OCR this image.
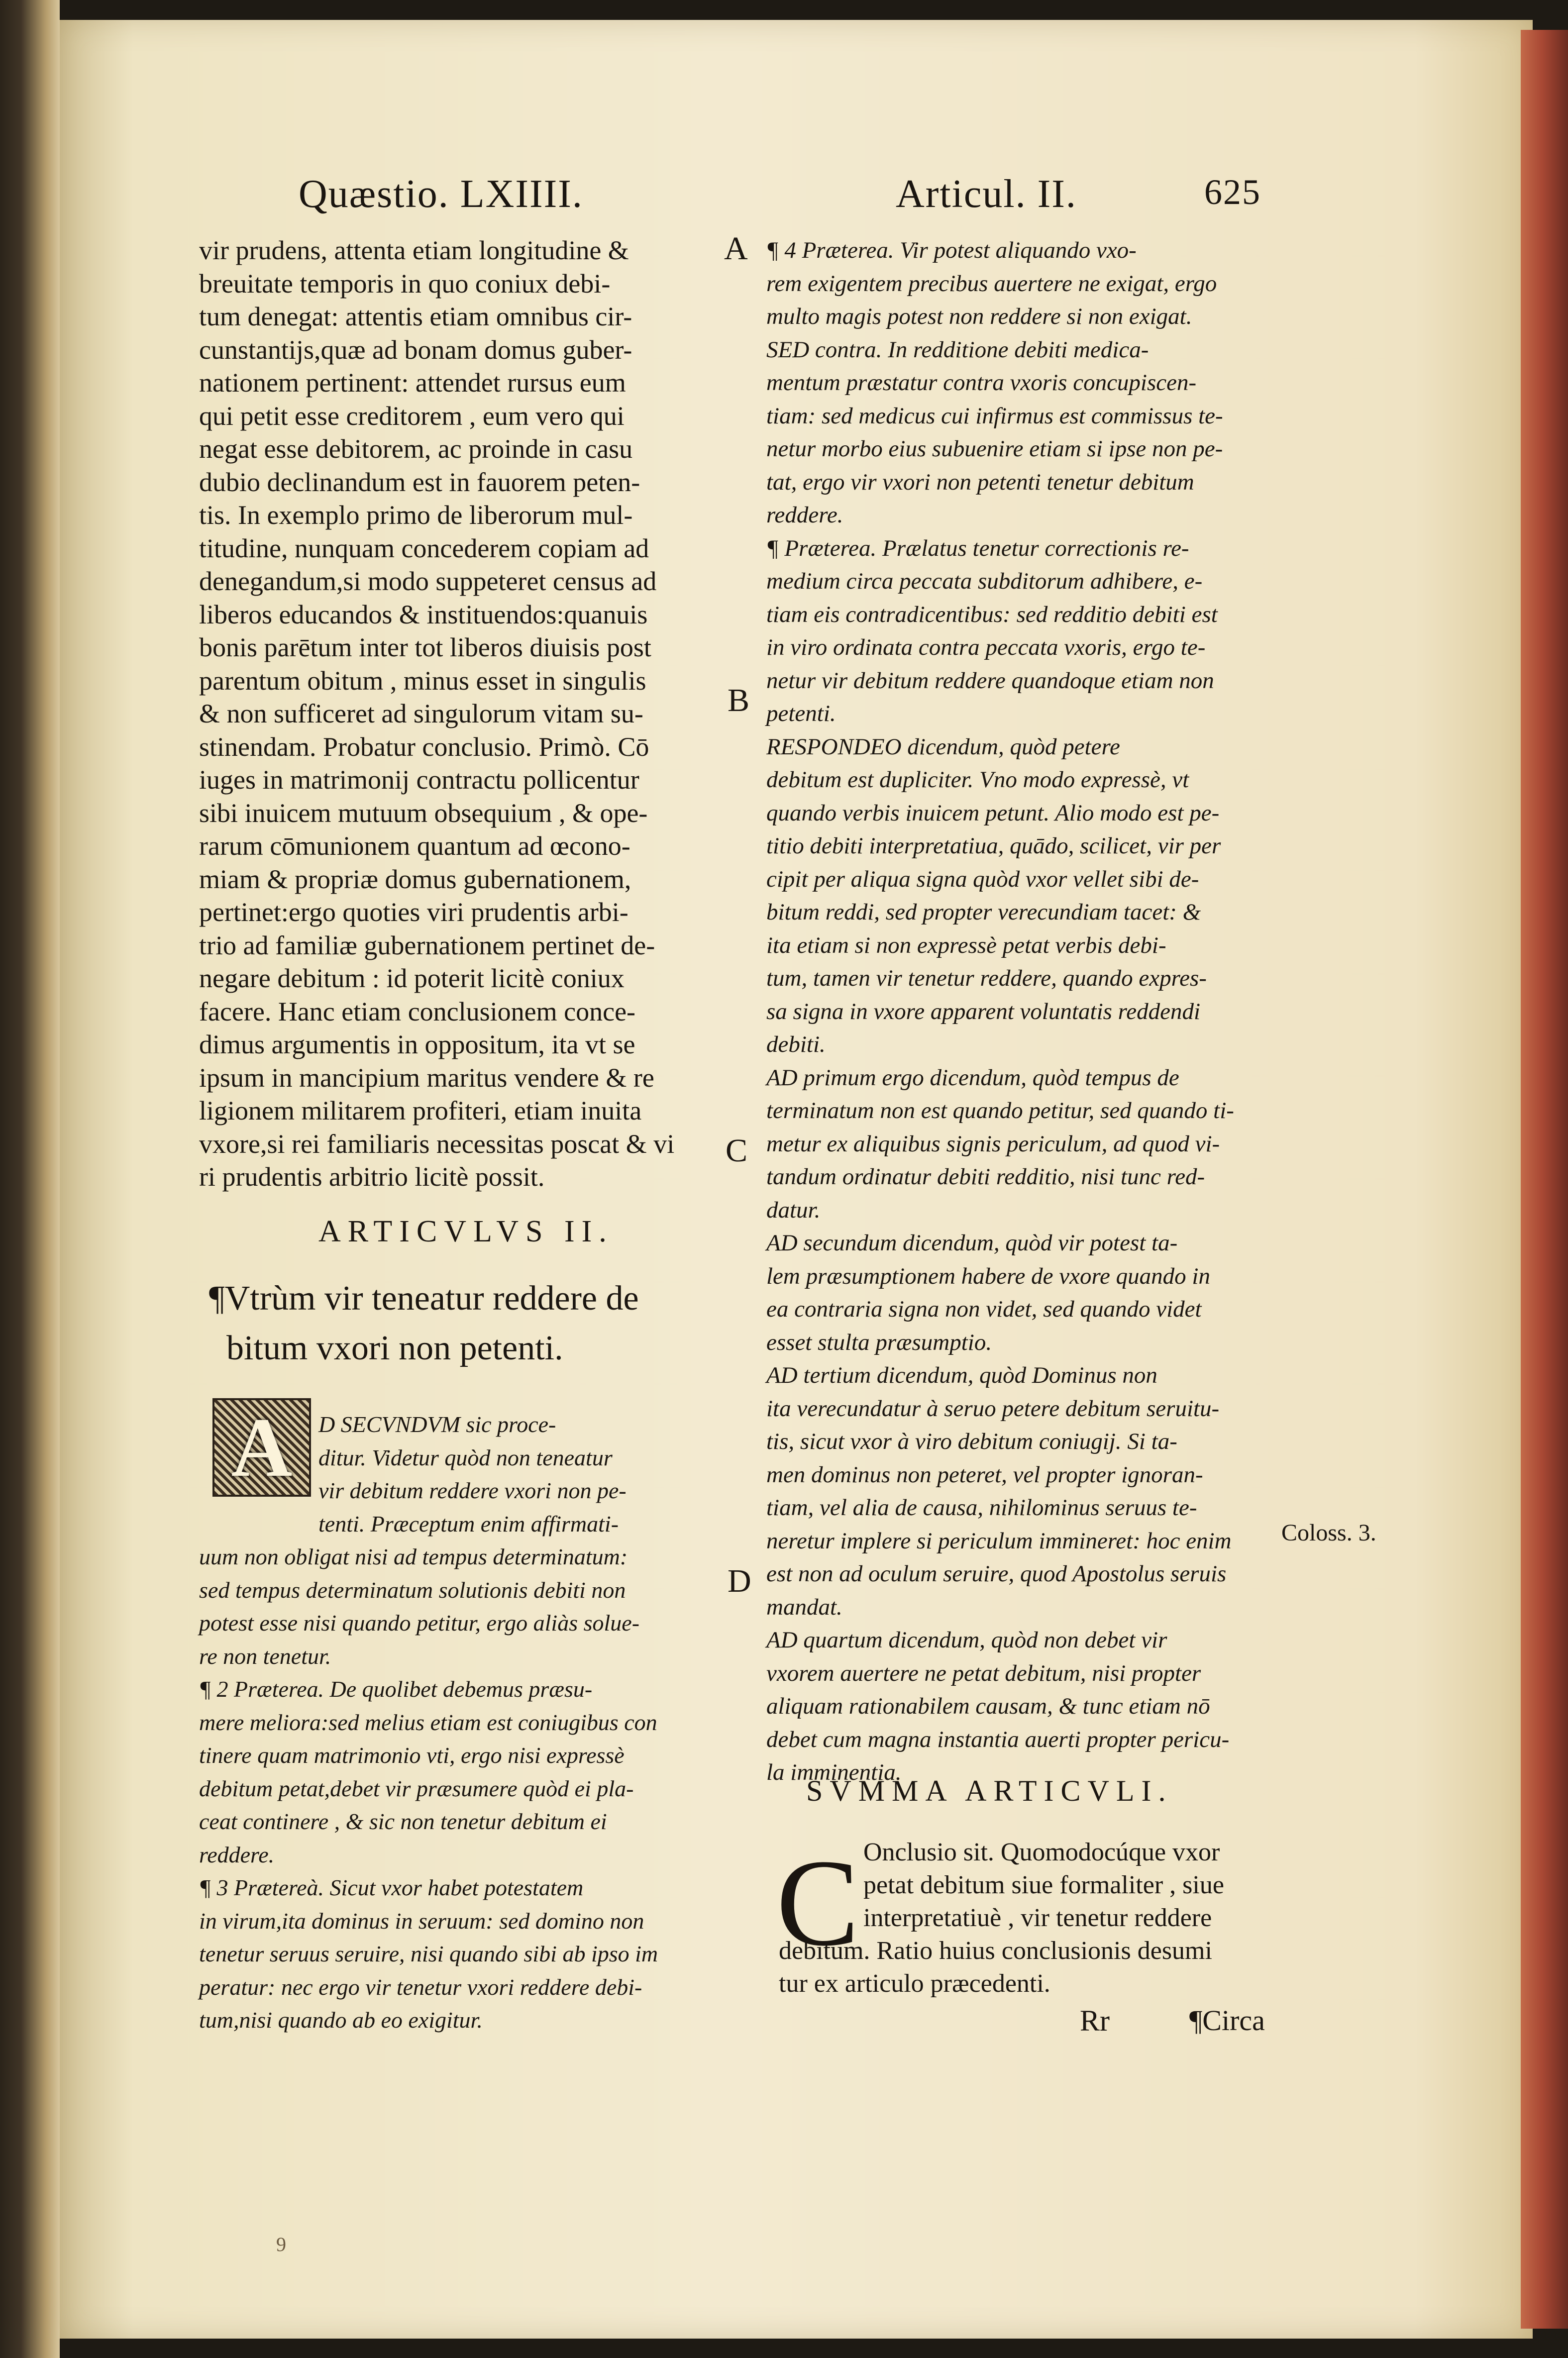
Quæstio. LXIIII.	Articul. II.	625
vir prudens, attenta etiam longitudine &
breuitate temporis in quo coniux debi-
tum denegat: attentis etiam omnibus cir-
cunstantijs,quæ ad bonam domus guber-
nationem pertinent: attendet rursus eum
qui petit esse creditorem , eum vero qui
negat esse debitorem, ac proinde in casu
dubio declinandum est in fauorem peten-
tis. In exemplo primo de liberorum mul-
titudine, nunquam concederem copiam ad
denegandum,si modo suppeteret census ad
liberos educandos & instituendos:quanuis
bonis parētum inter tot liberos diuisis post
parentum obitum , minus esset in singulis
& non sufficeret ad singulorum vitam su-
stinendam. Probatur conclusio. Primò. Cō
iuges in matrimonij contractu pollicentur
sibi inuicem mutuum obsequium , & ope-
rarum cōmunionem quantum ad œcono-
miam & propriæ domus gubernationem,
pertinet:ergo quoties viri prudentis arbi-
trio ad familiæ gubernationem pertinet de-
negare debitum : id poterit licitè coniux
facere. Hanc etiam conclusionem conce-
dimus argumentis in oppositum, ita vt se
ipsum in mancipium maritus vendere & re
ligionem militarem profiteri, etiam inuita
vxore,si rei familiaris necessitas poscat & vi
ri prudentis arbitrio licitè possit.
ARTICVLVS II.
¶Vtrùm vir teneatur reddere de
bitum vxori non petenti.
A	D SECVNDVM sic proce-
ditur. Videtur quòd non teneatur
vir debitum reddere vxori non pe-
tenti. Præceptum enim affirmati-
uum non obligat nisi ad tempus determinatum:
sed tempus determinatum solutionis debiti non
potest esse nisi quando petitur, ergo aliàs solue-
re non tenetur.
¶ 2 Præterea. De quolibet debemus præsu-
mere meliora:sed melius etiam est coniugibus con
tinere quam matrimonio vti, ergo nisi expressè
debitum petat,debet vir præsumere quòd ei pla-
ceat continere , & sic non tenetur debitum ei
reddere.
¶ 3 Prætereà. Sicut vxor habet potestatem
in virum,ita dominus in seruum: sed domino non
tenetur seruus seruire, nisi quando sibi ab ipso im
peratur: nec ergo vir tenetur vxori reddere debi-
tum,nisi quando ab eo exigitur.
¶ 4 Præterea. Vir potest aliquando vxo-
rem exigentem precibus auertere ne exigat, ergo
multo magis potest non reddere si non exigat.
SED contra. In redditione debiti medica-
mentum præstatur contra vxoris concupiscen-
tiam: sed medicus cui infirmus est commissus te-
netur morbo eius subuenire etiam si ipse non pe-
tat, ergo vir vxori non petenti tenetur debitum
reddere.
¶ Præterea. Prælatus tenetur correctionis re-
medium circa peccata subditorum adhibere, e-
tiam eis contradicentibus: sed redditio debiti est
in viro ordinata contra peccata vxoris, ergo te-
netur vir debitum reddere quandoque etiam non
petenti.
RESPONDEO dicendum, quòd petere
debitum est dupliciter. Vno modo expressè, vt
quando verbis inuicem petunt. Alio modo est pe-
titio debiti interpretatiua, quādo, scilicet, vir per
cipit per aliqua signa quòd vxor vellet sibi de-
bitum reddi, sed propter verecundiam tacet: &
ita etiam si non expressè petat verbis debi-
tum, tamen vir tenetur reddere, quando expres-
sa signa in vxore apparent voluntatis reddendi
debiti.
AD primum ergo dicendum, quòd tempus de
terminatum non est quando petitur, sed quando ti-
metur ex aliquibus signis periculum, ad quod vi-
tandum ordinatur debiti redditio, nisi tunc red-
datur.
AD secundum dicendum, quòd vir potest ta-
lem præsumptionem habere de vxore quando in
ea contraria signa non videt, sed quando videt
esset stulta præsumptio.
AD tertium dicendum, quòd Dominus non
ita verecundatur à seruo petere debitum seruitu-
tis, sicut vxor à viro debitum coniugij. Si ta-
men dominus non peteret, vel propter ignoran-
tiam, vel alia de causa, nihilominus seruus te-
neretur implere si periculum immineret: hoc enim
est non ad oculum seruire, quod Apostolus seruis
mandat.
AD quartum dicendum, quòd non debet vir
vxorem auertere ne petat debitum, nisi propter
aliquam rationabilem causam, & tunc etiam nō
debet cum magna instantia auerti propter pericu-
la imminentia.
SVMMA ARTICVLI.
C Onclusio sit. Quomodocúque vxor
petat debitum siue formaliter , siue
interpretatiuè , vir tenetur reddere
debitum. Ratio huius conclusionis desumi
tur ex articulo præcedenti.
Rr	¶Circa
A
B
C
D
Coloss. 3.
9
